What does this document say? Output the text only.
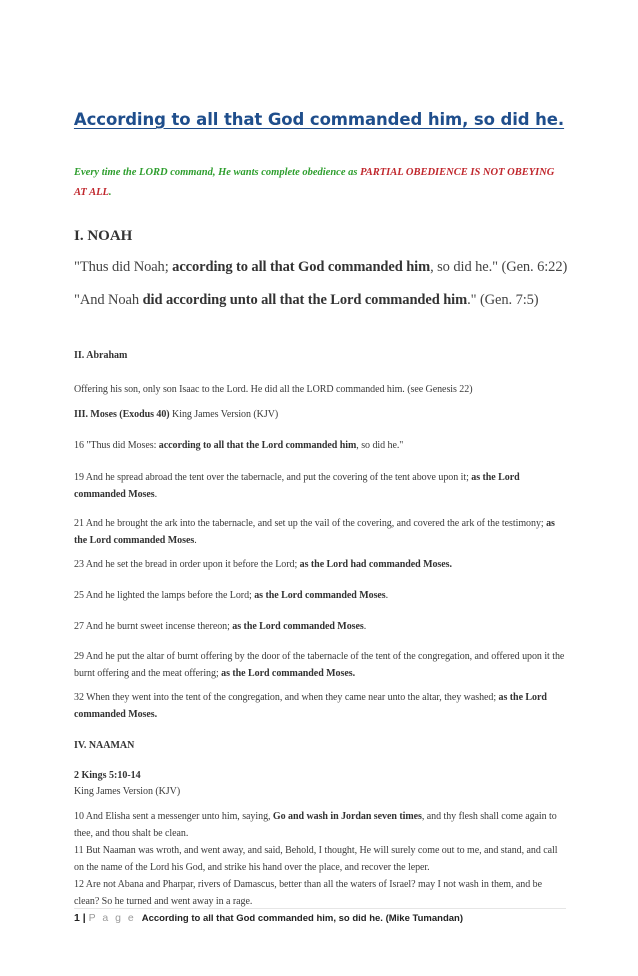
According to all that God commanded him, so did he.
Every time the LORD command, He wants complete obedience as PARTIAL OBEDIENCE IS NOT OBEYING
AT ALL.
I. NOAH
"Thus did Noah; according to all that God commanded him, so did he." (Gen. 6:22)
"And Noah did according unto all that the Lord commanded him." (Gen. 7:5)
II. Abraham
Offering his son, only son Isaac to the Lord. He did all the LORD commanded him. (see Genesis 22)
III. Moses (Exodus 40) King James Version (KJV)
16 "Thus did Moses: according to all that the Lord commanded him, so did he."
19 And he spread abroad the tent over the tabernacle, and put the covering of the tent above upon it; as the Lord commanded Moses.
21 And he brought the ark into the tabernacle, and set up the vail of the covering, and covered the ark of the testimony; as the Lord commanded Moses.
23 And he set the bread in order upon it before the Lord; as the Lord had commanded Moses.
25 And he lighted the lamps before the Lord; as the Lord commanded Moses.
27 And he burnt sweet incense thereon; as the Lord commanded Moses.
29 And he put the altar of burnt offering by the door of the tabernacle of the tent of the congregation, and offered upon it the burnt offering and the meat offering; as the Lord commanded Moses.
32 When they went into the tent of the congregation, and when they came near unto the altar, they washed; as the Lord commanded Moses.
IV. NAAMAN
2 Kings 5:10-14
King James Version (KJV)
10 And Elisha sent a messenger unto him, saying, Go and wash in Jordan seven times, and thy flesh shall come again to thee, and thou shalt be clean.
11 But Naaman was wroth, and went away, and said, Behold, I thought, He will surely come out to me, and stand, and call on the name of the Lord his God, and strike his hand over the place, and recover the leper.
12 Are not Abana and Pharpar, rivers of Damascus, better than all the waters of Israel? may I not wash in them, and be clean? So he turned and went away in a rage.
1 | P a g e According to all that God commanded him, so did he. (Mike Tumandan)
